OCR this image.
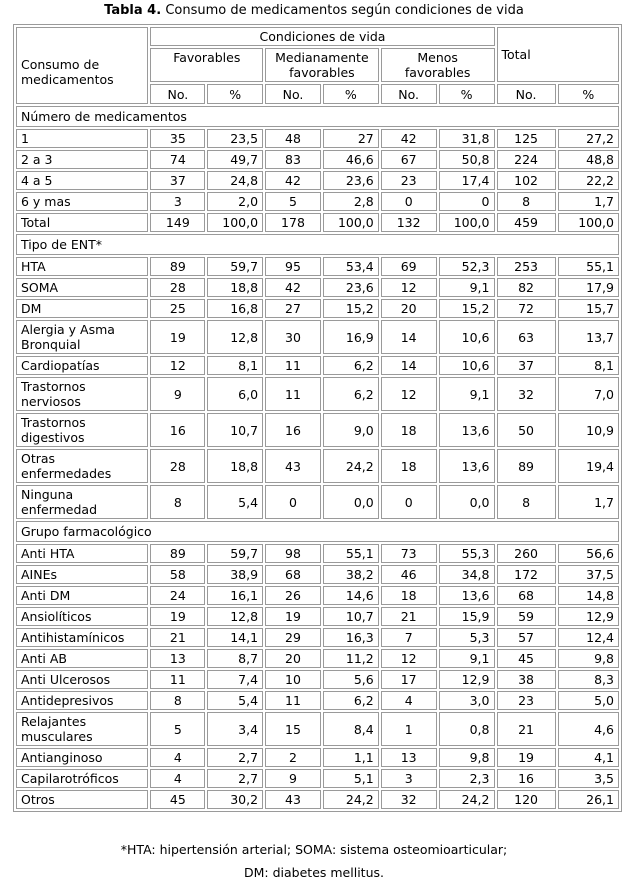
Tabla 4. Consumo de medicamentos según condiciones de vida
Consumo de medicamentos	Condiciones de vida						Total	
	Favorables		Medianamente favorables		Menos favorables			
	No.	%	No.	%	No.	%	No.	%
Número de medicamentos								
1	35	23,5	48	27	42	31,8	125	27,2
2 a 3	74	49,7	83	46,6	67	50,8	224	48,8
4 a 5	37	24,8	42	23,6	23	17,4	102	22,2
6 y mas	3	2,0	5	2,8	0	0	8	1,7
Total	149	100,0	178	100,0	132	100,0	459	100,0
Tipo de ENT*								
HTA	89	59,7	95	53,4	69	52,3	253	55,1
SOMA	28	18,8	42	23,6	12	9,1	82	17,9
DM	25	16,8	27	15,2	20	15,2	72	15,7
Alergia y Asma Bronquial	19	12,8	30	16,9	14	10,6	63	13,7
Cardiopatías	12	8,1	11	6,2	14	10,6	37	8,1
Trastornos nerviosos	9	6,0	11	6,2	12	9,1	32	7,0
Trastornos digestivos	16	10,7	16	9,0	18	13,6	50	10,9
Otras enfermedades	28	18,8	43	24,2	18	13,6	89	19,4
Ninguna enfermedad	8	5,4	0	0,0	0	0,0	8	1,7
Grupo farmacológico								
Anti HTA	89	59,7	98	55,1	73	55,3	260	56,6
AINEs	58	38,9	68	38,2	46	34,8	172	37,5
Anti DM	24	16,1	26	14,6	18	13,6	68	14,8
Ansiolíticos	19	12,8	19	10,7	21	15,9	59	12,9
Antihistamínicos	21	14,1	29	16,3	7	5,3	57	12,4
Anti AB	13	8,7	20	11,2	12	9,1	45	9,8
Anti Ulcerosos	11	7,4	10	5,6	17	12,9	38	8,3
Antidepresivos	8	5,4	11	6,2	4	3,0	23	5,0
Relajantes musculares	5	3,4	15	8,4	1	0,8	21	4,6
Antianginoso	4	2,7	2	1,1	13	9,8	19	4,1
Capilarotróficos	4	2,7	9	5,1	3	2,3	16	3,5
Otros	45	30,2	43	24,2	32	24,2	120	26,1
*HTA: hipertensión arterial; SOMA: sistema osteomioarticular;
DM: diabetes mellitus.
